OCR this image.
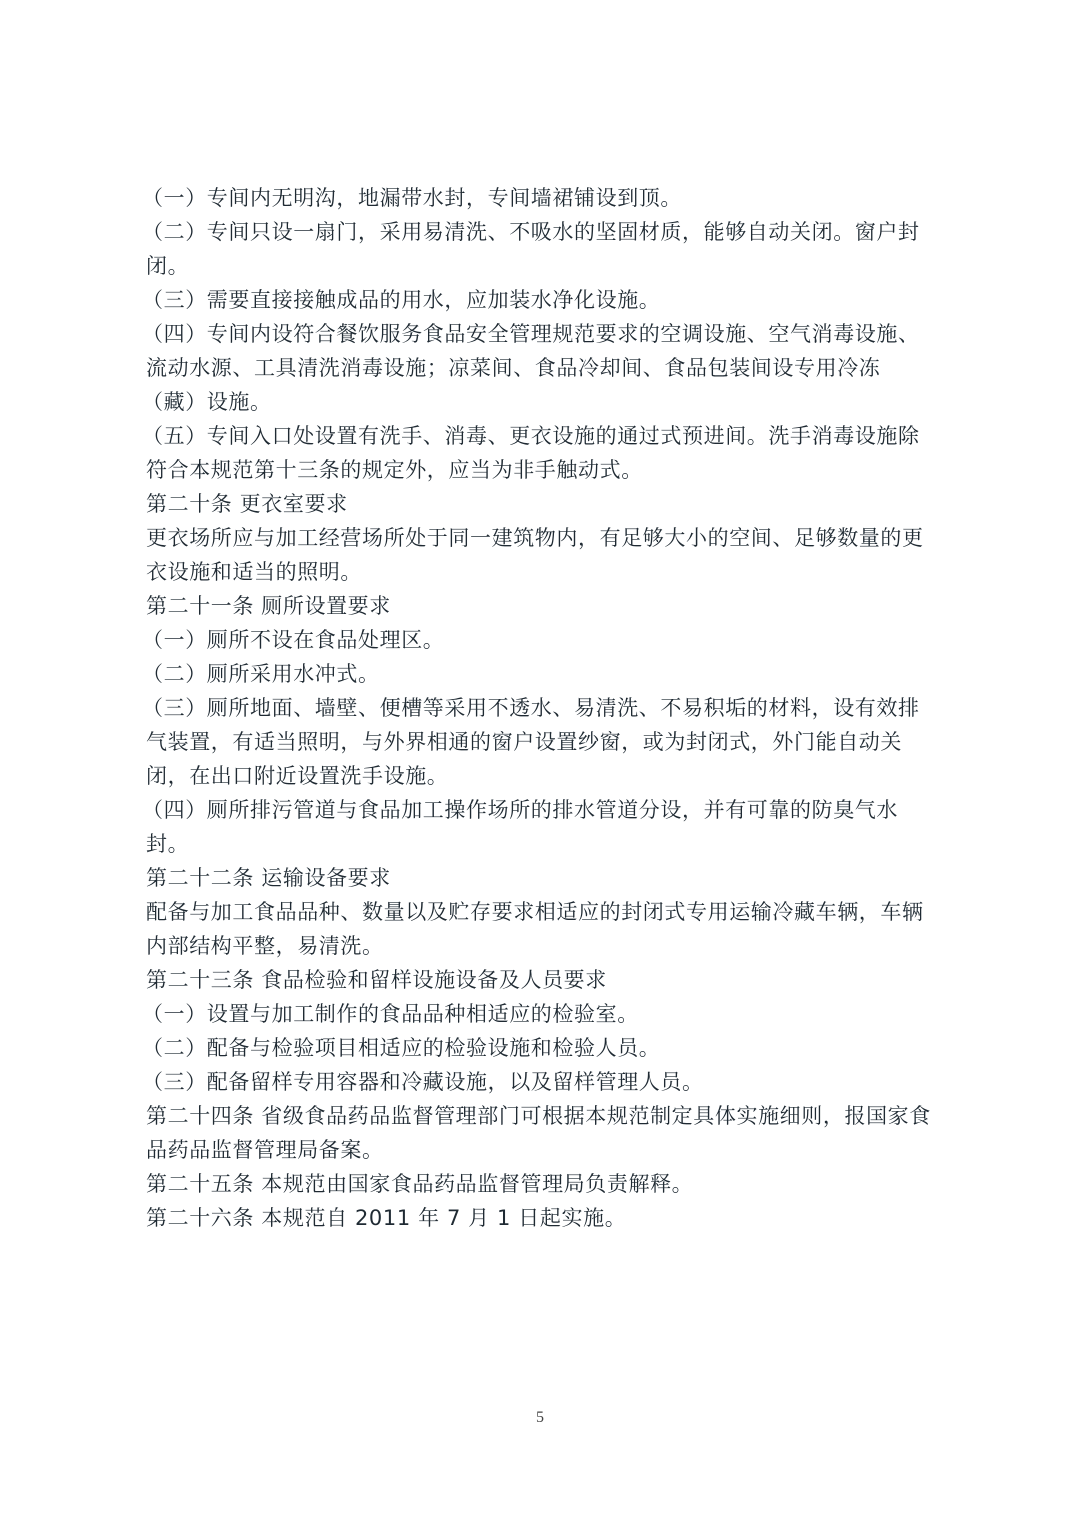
（一）专间内无明沟，地漏带水封，专间墙裙铺设到顶。
（二）专间只设一扇门，采用易清洗、不吸水的坚固材质，能够自动关闭。窗户封
闭。
（三）需要直接接触成品的用水，应加装水净化设施。
（四）专间内设符合餐饮服务食品安全管理规范要求的空调设施、空气消毒设施、
流动水源、工具清洗消毒设施；凉菜间、食品冷却间、食品包装间设专用冷冻
（藏）设施。
（五）专间入口处设置有洗手、消毒、更衣设施的通过式预进间。洗手消毒设施除
符合本规范第十三条的规定外，应当为非手触动式。
第二十条 更衣室要求
更衣场所应与加工经营场所处于同一建筑物内，有足够大小的空间、足够数量的更
衣设施和适当的照明。
第二十一条 厕所设置要求
（一）厕所不设在食品处理区。
（二）厕所采用水冲式。
（三）厕所地面、墙壁、便槽等采用不透水、易清洗、不易积垢的材料，设有效排
气装置，有适当照明，与外界相通的窗户设置纱窗，或为封闭式，外门能自动关
闭，在出口附近设置洗手设施。
（四）厕所排污管道与食品加工操作场所的排水管道分设，并有可靠的防臭气水
封。
第二十二条 运输设备要求
配备与加工食品品种、数量以及贮存要求相适应的封闭式专用运输冷藏车辆，车辆
内部结构平整，易清洗。
第二十三条 食品检验和留样设施设备及人员要求
（一）设置与加工制作的食品品种相适应的检验室。
（二）配备与检验项目相适应的检验设施和检验人员。
（三）配备留样专用容器和冷藏设施，以及留样管理人员。
第二十四条 省级食品药品监督管理部门可根据本规范制定具体实施细则，报国家食
品药品监督管理局备案。
第二十五条 本规范由国家食品药品监督管理局负责解释。
第二十六条 本规范自 2011 年 7 月 1 日起实施。
5
